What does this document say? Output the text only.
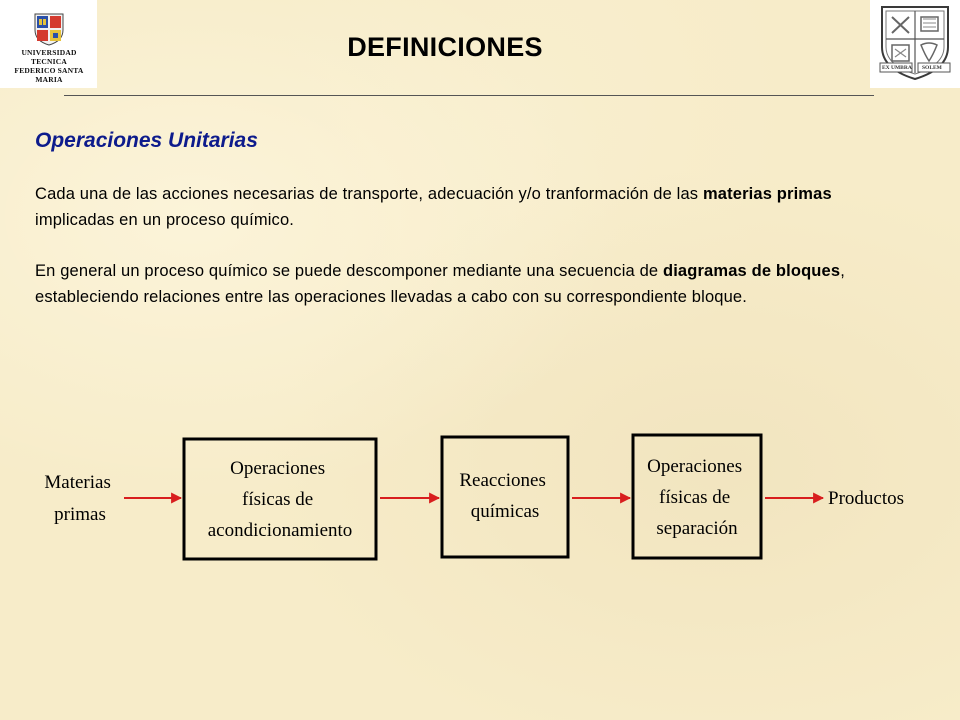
UNIVERSIDAD TECNICA
FEDERICO SANTA MARIA
EX UMBRA SOLEM
DEFINICIONES
Operaciones Unitarias

Cada una de las acciones necesarias de transporte, adecuación y/o tranformación de las materias primas implicadas en un proceso químico.

En general un proceso químico se puede descomponer mediante una secuencia de diagramas de bloques, estableciendo relaciones entre las operaciones llevadas a cabo con su correspondiente bloque.

Materias primas
Operaciones físicas de acondicionamiento
Reacciones químicas
Operaciones físicas de separación
Productos
